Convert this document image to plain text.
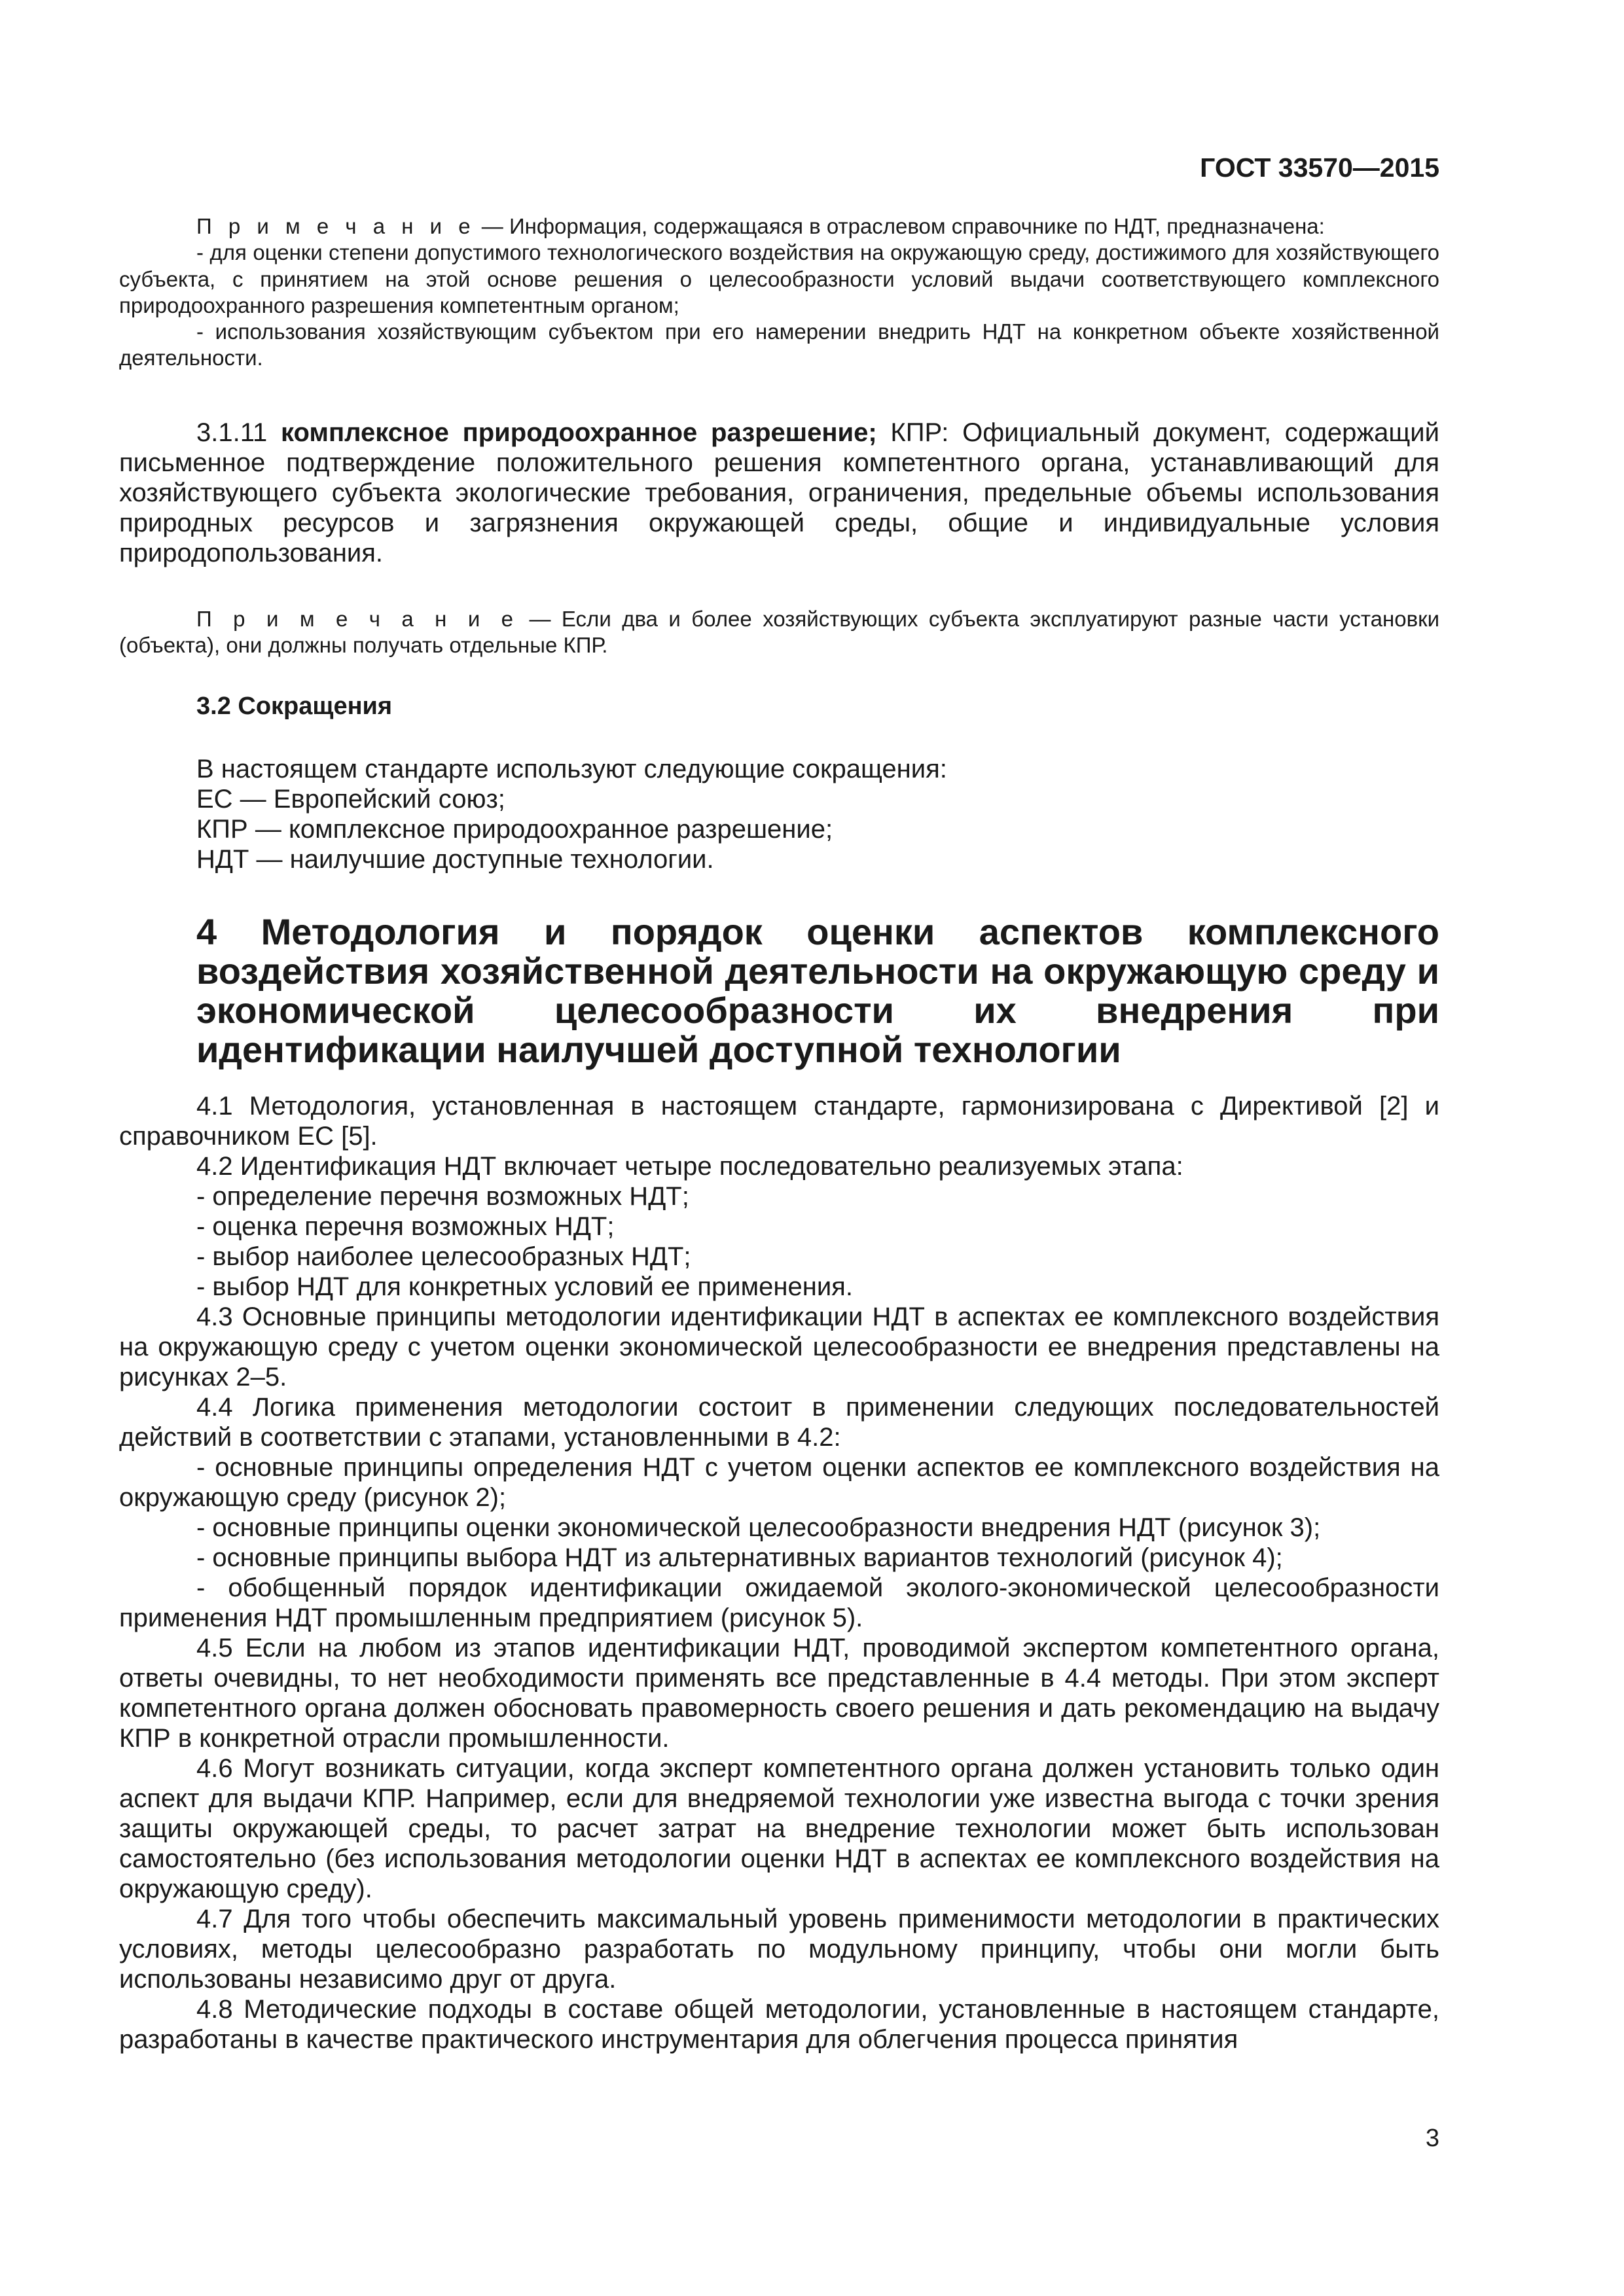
ГОСТ 33570—2015

П р и м е ч а н и е — Информация, содержащаяся в отраслевом справочнике по НДТ, предназначена:

- для оценки степени допустимого технологического воздействия на окружающую среду, достижимого для хозяйствующего субъекта, с принятием на этой основе решения о целесообразности условий выдачи соответствующего комплексного природоохранного разрешения компетентным органом;

- использования хозяйствующим субъектом при его намерении внедрить НДТ на конкретном объекте хозяйственной деятельности.

3.1.11 комплексное природоохранное разрешение; КПР: Официальный документ, содержащий письменное подтверждение положительного решения компетентного органа, устанавливающий для хозяйствующего субъекта экологические требования, ограничения, предельные объемы использования природных ресурсов и загрязнения окружающей среды, общие и индивидуальные условия природопользования.

П р и м е ч а н и е — Если два и более хозяйствующих субъекта эксплуатируют разные части установки (объекта), они должны получать отдельные КПР.

3.2 Сокращения
В настоящем стандарте используют следующие сокращения:
ЕС — Европейский союз;
КПР — комплексное природоохранное разрешение;
НДТ — наилучшие доступные технологии.

4 Методология и порядок оценки аспектов комплексного воздействия хозяйственной деятельности на окружающую среду и экономической целесообразности их внедрения при идентификации наилучшей доступной технологии

4.1 Методология, установленная в настоящем стандарте, гармонизирована с Директивой [2] и справочником ЕС [5].

4.2 Идентификация НДТ включает четыре последовательно реализуемых этапа:

- определение перечня возможных НДТ;

- оценка перечня возможных НДТ;

- выбор наиболее целесообразных НДТ;

- выбор НДТ для конкретных условий ее применения.

4.3 Основные принципы методологии идентификации НДТ в аспектах ее комплексного воздействия на окружающую среду с учетом оценки экономической целесообразности ее внедрения представлены на рисунках 2–5.

4.4 Логика применения методологии состоит в применении следующих последовательностей действий в соответствии с этапами, установленными в 4.2:

- основные принципы определения НДТ с учетом оценки аспектов ее комплексного воздействия на окружающую среду (рисунок 2);

- основные принципы оценки экономической целесообразности внедрения НДТ (рисунок 3);

- основные принципы выбора НДТ из альтернативных вариантов технологий (рисунок 4);

- обобщенный порядок идентификации ожидаемой эколого-экономической целесообразности применения НДТ промышленным предприятием (рисунок 5).

4.5 Если на любом из этапов идентификации НДТ, проводимой экспертом компетентного органа, ответы очевидны, то нет необходимости применять все представленные в 4.4 методы. При этом эксперт компетентного органа должен обосновать правомерность своего решения и дать рекомендацию на выдачу КПР в конкретной отрасли промышленности.

4.6 Могут возникать ситуации, когда эксперт компетентного органа должен установить только один аспект для выдачи КПР. Например, если для внедряемой технологии уже известна выгода с точки зрения защиты окружающей среды, то расчет затрат на внедрение технологии может быть использован самостоятельно (без использования методологии оценки НДТ в аспектах ее комплексного воздействия на окружающую среду).

4.7 Для того чтобы обеспечить максимальный уровень применимости методологии в практических условиях, методы целесообразно разработать по модульному принципу, чтобы они могли быть использованы независимо друг от друга.

4.8 Методические подходы в составе общей методологии, установленные в настоящем стандарте, разработаны в качестве практического инструментария для облегчения процесса принятия

3
